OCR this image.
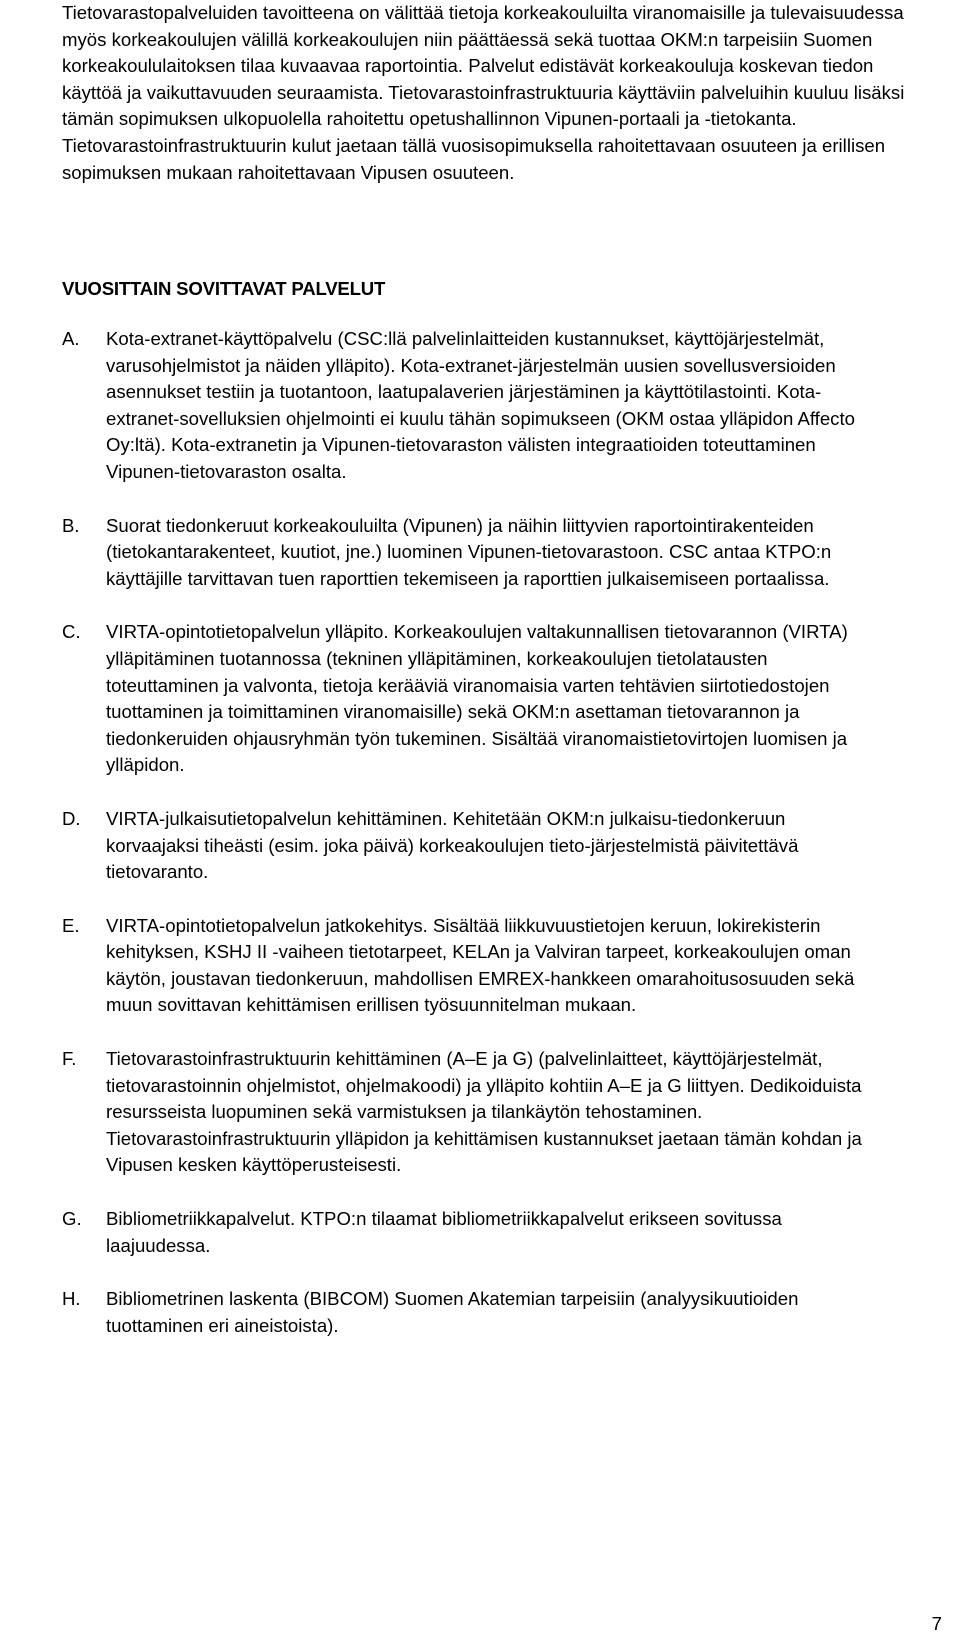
Tietovarastopalveluiden tavoitteena on välittää tietoja korkeakouluilta viranomaisille ja tulevaisuudessa myös korkeakoulujen välillä korkeakoulujen niin päättäessä sekä tuottaa OKM:n tarpeisiin Suomen korkeakoululaitoksen tilaa kuvaavaa raportointia. Palvelut edistävät korkeakouluja koskevan tiedon käyttöä ja vaikuttavuuden seuraamista. Tietovarastoinfrastruktuuria käyttäviin palveluihin kuuluu lisäksi tämän sopimuksen ulkopuolella rahoitettu opetushallinnon Vipunen-portaali ja -tietokanta. Tietovarastoinfrastruktuurin kulut jaetaan tällä vuosisopimuksella rahoitettavaan osuuteen ja erillisen sopimuksen mukaan rahoitettavaan Vipusen osuuteen.

VUOSITTAIN SOVITTAVAT PALVELUT
A. Kota-extranet-käyttöpalvelu (CSC:llä palvelinlaitteiden kustannukset, käyttöjärjestelmät, varusohjelmistot ja näiden ylläpito). Kota-extranet-järjestelmän uusien sovellusversioiden asennukset testiin ja tuotantoon, laatupalaverien järjestäminen ja käyttötilastointi. Kota-extranet-sovelluksien ohjelmointi ei kuulu tähän sopimukseen (OKM ostaa ylläpidon Affecto Oy:ltä). Kota-extranetin ja Vipunen-tietovaraston välisten integraatioiden toteuttaminen Vipunen-tietovaraston osalta.
B. Suorat tiedonkeruut korkeakouluilta (Vipunen) ja näihin liittyvien raportointirakenteiden (tietokantarakenteet, kuutiot, jne.) luominen Vipunen-tietovarastoon. CSC antaa KTPO:n käyttäjille tarvittavan tuen raporttien tekemiseen ja raporttien julkaisemiseen portaalissa.
C. VIRTA-opintotietopalvelun ylläpito. Korkeakoulujen valtakunnallisen tietovarannon (VIRTA) ylläpitäminen tuotannossa (tekninen ylläpitäminen, korkeakoulujen tietolatausten toteuttaminen ja valvonta, tietoja kerääviä viranomaisia varten tehtävien siirtotiedostojen tuottaminen ja toimittaminen viranomaisille) sekä OKM:n asettaman tietovarannon ja tiedonkeruiden ohjausryhmän työn tukeminen. Sisältää viranomaistietovirtojen luomisen ja ylläpidon.
D. VIRTA-julkaisutietopalvelun kehittäminen. Kehitetään OKM:n julkaisu-tiedonkeruun korvaajaksi tiheästi (esim. joka päivä) korkeakoulujen tieto-järjestelmistä päivitettävä tietovaranto.
E. VIRTA-opintotietopalvelun jatkokehitys. Sisältää liikkuvuustietojen keruun, lokirekisterin kehityksen, KSHJ II -vaiheen tietotarpeet, KELAn ja Valviran tarpeet, korkeakoulujen oman käytön, joustavan tiedonkeruun, mahdollisen EMREX-hankkeen omarahoitusosuuden sekä muun sovittavan kehittämisen erillisen työsuunnitelman mukaan.
F. Tietovarastoinfrastruktuurin kehittäminen (A–E ja G) (palvelinlaitteet, käyttöjärjestelmät, tietovarastoinnin ohjelmistot, ohjelmakoodi) ja ylläpito kohtiin A–E ja G liittyen. Dedikoiduista resursseista luopuminen sekä varmistuksen ja tilankäytön tehostaminen. Tietovarastoinfrastruktuurin ylläpidon ja kehittämisen kustannukset jaetaan tämän kohdan ja Vipusen kesken käyttöperusteisesti.
G. Bibliometriikkapalvelut. KTPO:n tilaamat bibliometriikkapalvelut erikseen sovitussa laajuudessa.
H. Bibliometrinen laskenta (BIBCOM) Suomen Akatemian tarpeisiin (analyysikuutioiden tuottaminen eri aineistoista).
7
